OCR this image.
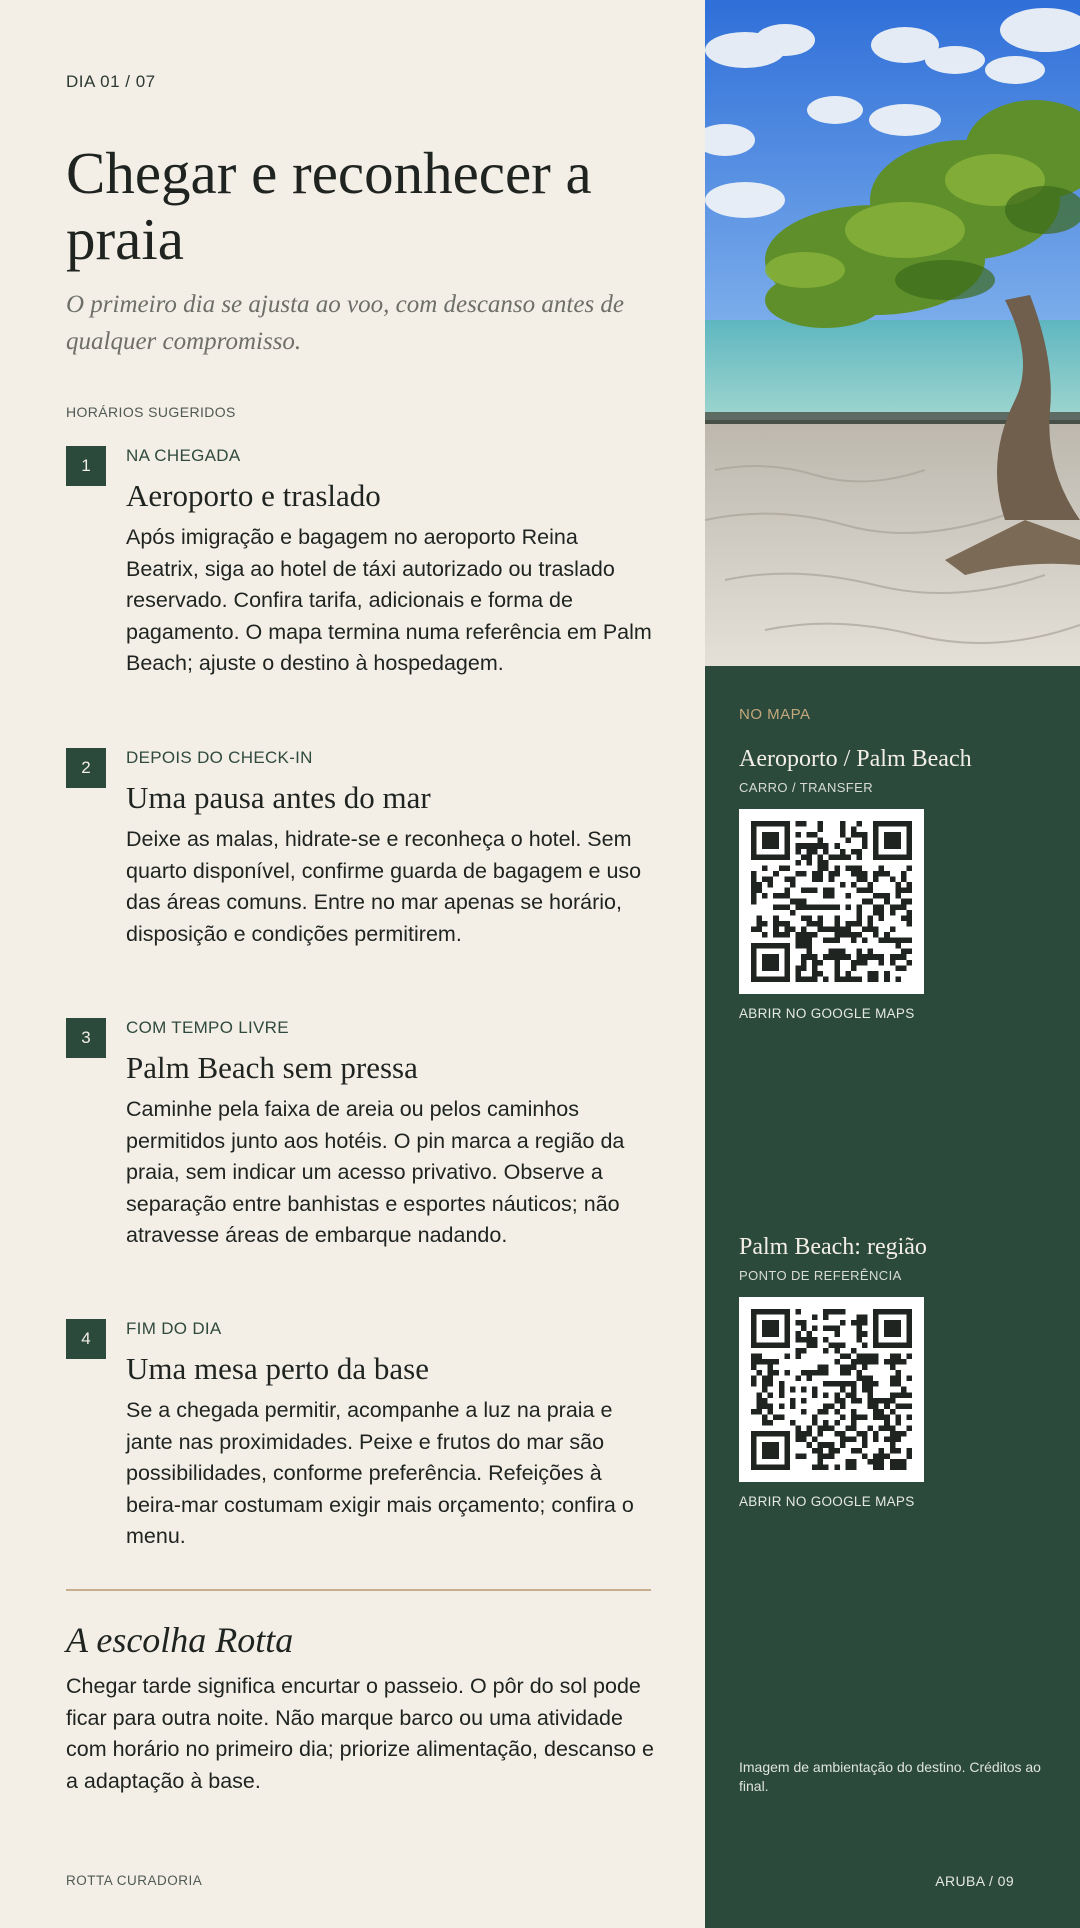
DIA 01 / 07
Chegar e reconhecer a praia

O primeiro dia se ajusta ao voo, com descanso antes de qualquer compromisso.

HORÁRIOS SUGERIDOS
1
NA CHEGADA
Aeroporto e traslado

Após imigração e bagagem no aeroporto Reina Beatrix, siga ao hotel de táxi autorizado ou traslado reservado. Confira tarifa, adicionais e forma de pagamento. O mapa termina numa referência em Palm Beach; ajuste o destino à hospedagem.

2
DEPOIS DO CHECK-IN
Uma pausa antes do mar

Deixe as malas, hidrate-se e reconheça o hotel. Sem quarto disponível, confirme guarda de bagagem e uso das áreas comuns. Entre no mar apenas se horário, disposição e condições permitirem.

3
COM TEMPO LIVRE
Palm Beach sem pressa

Caminhe pela faixa de areia ou pelos caminhos permitidos junto aos hotéis. O pin marca a região da praia, sem indicar um acesso privativo. Observe a separação entre banhistas e esportes náuticos; não atravesse áreas de embarque nadando.

4
FIM DO DIA
Uma mesa perto da base

Se a chegada permitir, acompanhe a luz na praia e jante nas proximidades. Peixe e frutos do mar são possibilidades, conforme preferência. Refeições à beira-mar costumam exigir mais orçamento; confira o menu.

A escolha Rotta

Chegar tarde significa encurtar o passeio. O pôr do sol pode ficar para outra noite. Não marque barco ou uma atividade com horário no primeiro dia; priorize alimentação, descanso e a adaptação à base.

ROTTA CURADORIA
NO MAPA
Aeroporto / Palm Beach
CARRO / TRANSFER
ABRIR NO GOOGLE MAPS
Palm Beach: região
PONTO DE REFERÊNCIA
ABRIR NO GOOGLE MAPS
Imagem de ambientação do destino. Créditos ao final.
ARUBA / 09
